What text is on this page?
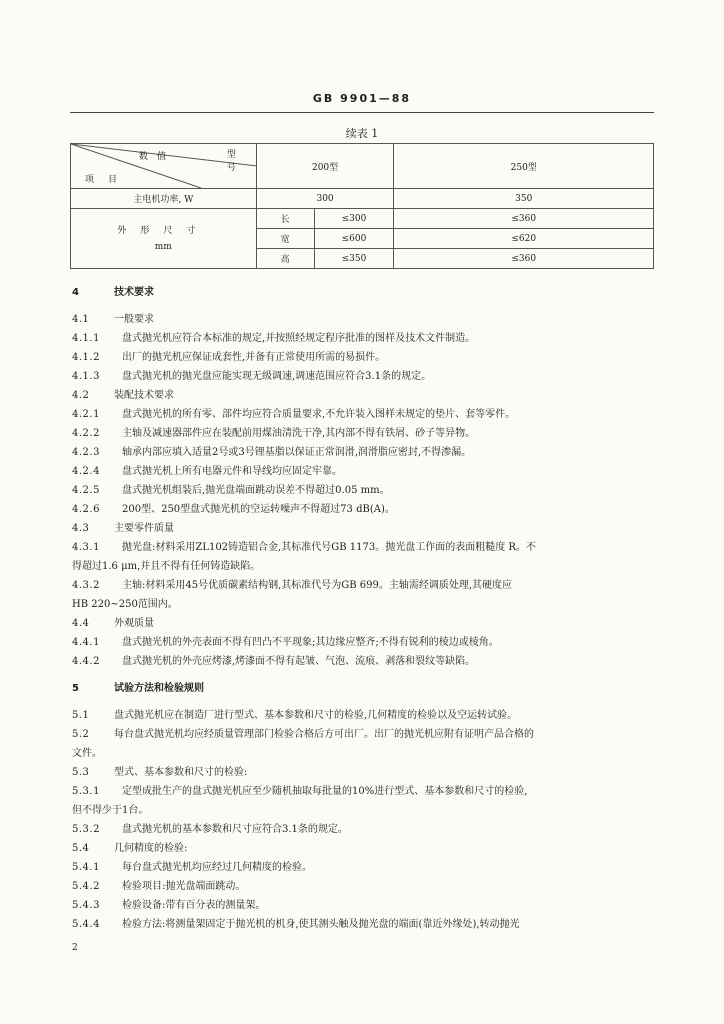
GB 9901—88
续表 1
数值 型号
项目	200型		250型
主电机功率, W	300		350

外形尺寸
mm	长	≤300	≤360
	宽	≤600	≤620
	高	≤350	≤360
4	技术要求
4.1 一般要求
4.1.1 盘式抛光机应符合本标准的规定,并按照经规定程序批准的图样及技术文件制造。
4.1.2 出厂的抛光机应保证成套性,并备有正常使用所需的易损件。
4.1.3 盘式抛光机的抛光盘应能实现无级调速,调速范围应符合3.1条的规定。
4.2 装配技术要求
4.2.1 盘式抛光机的所有零、部件均应符合质量要求,不允许装入图样未规定的垫片、套等零件。
4.2.2 主轴及减速器部件应在装配前用煤油清洗干净,其内部不得有铁屑、砂子等异物。
4.2.3 轴承内部应填入适量2号或3号锂基脂以保证正常润滑,润滑脂应密封,不得渗漏。
4.2.4 盘式抛光机上所有电器元件和导线均应固定牢靠。
4.2.5 盘式抛光机组装后,抛光盘端面跳动误差不得超过0.05 mm。
4.2.6 200型、250型盘式抛光机的空运转噪声不得超过73 dB(A)。
4.3 主要零件质量
4.3.1 抛光盘:材料采用ZL102铸造铝合金,其标准代号GB 1173。抛光盘工作面的表面粗糙度 R。不
得超过1.6 μm,并且不得有任何铸造缺陷。
4.3.2 主轴:材料采用45号优质碳素结构钢,其标准代号为GB 699。主轴需经调质处理,其硬度应
HB 220~250范围内。
4.4 外观质量
4.4.1 盘式抛光机的外壳表面不得有凹凸不平现象;其边缘应整齐;不得有锐利的棱边或棱角。
4.4.2 盘式抛光机的外壳应烤漆,烤漆面不得有起皱、气泡、流痕、剥落和裂纹等缺陷。
5	试验方法和检验规则
5.1 盘式抛光机应在制造厂进行型式、基本参数和尺寸的检验,几何精度的检验以及空运转试验。
5.2 每台盘式抛光机均应经质量管理部门检验合格后方可出厂。出厂的抛光机应附有证明产品合格的
文件。
5.3 型式、基本参数和尺寸的检验:
5.3.1 定型成批生产的盘式抛光机应至少随机抽取每批量的10%进行型式、基本参数和尺寸的检验,
但不得少于1台。
5.3.2 盘式抛光机的基本参数和尺寸应符合3.1条的规定。
5.4 几何精度的检验:
5.4.1 每台盘式抛光机均应经过几何精度的检验。
5.4.2 检验项目:抛光盘端面跳动。
5.4.3 检验设备:带有百分表的测量架。
5.4.4 检验方法:将测量架固定于抛光机的机身,使其测头触及抛光盘的端面(靠近外缘处),转动抛光
2
